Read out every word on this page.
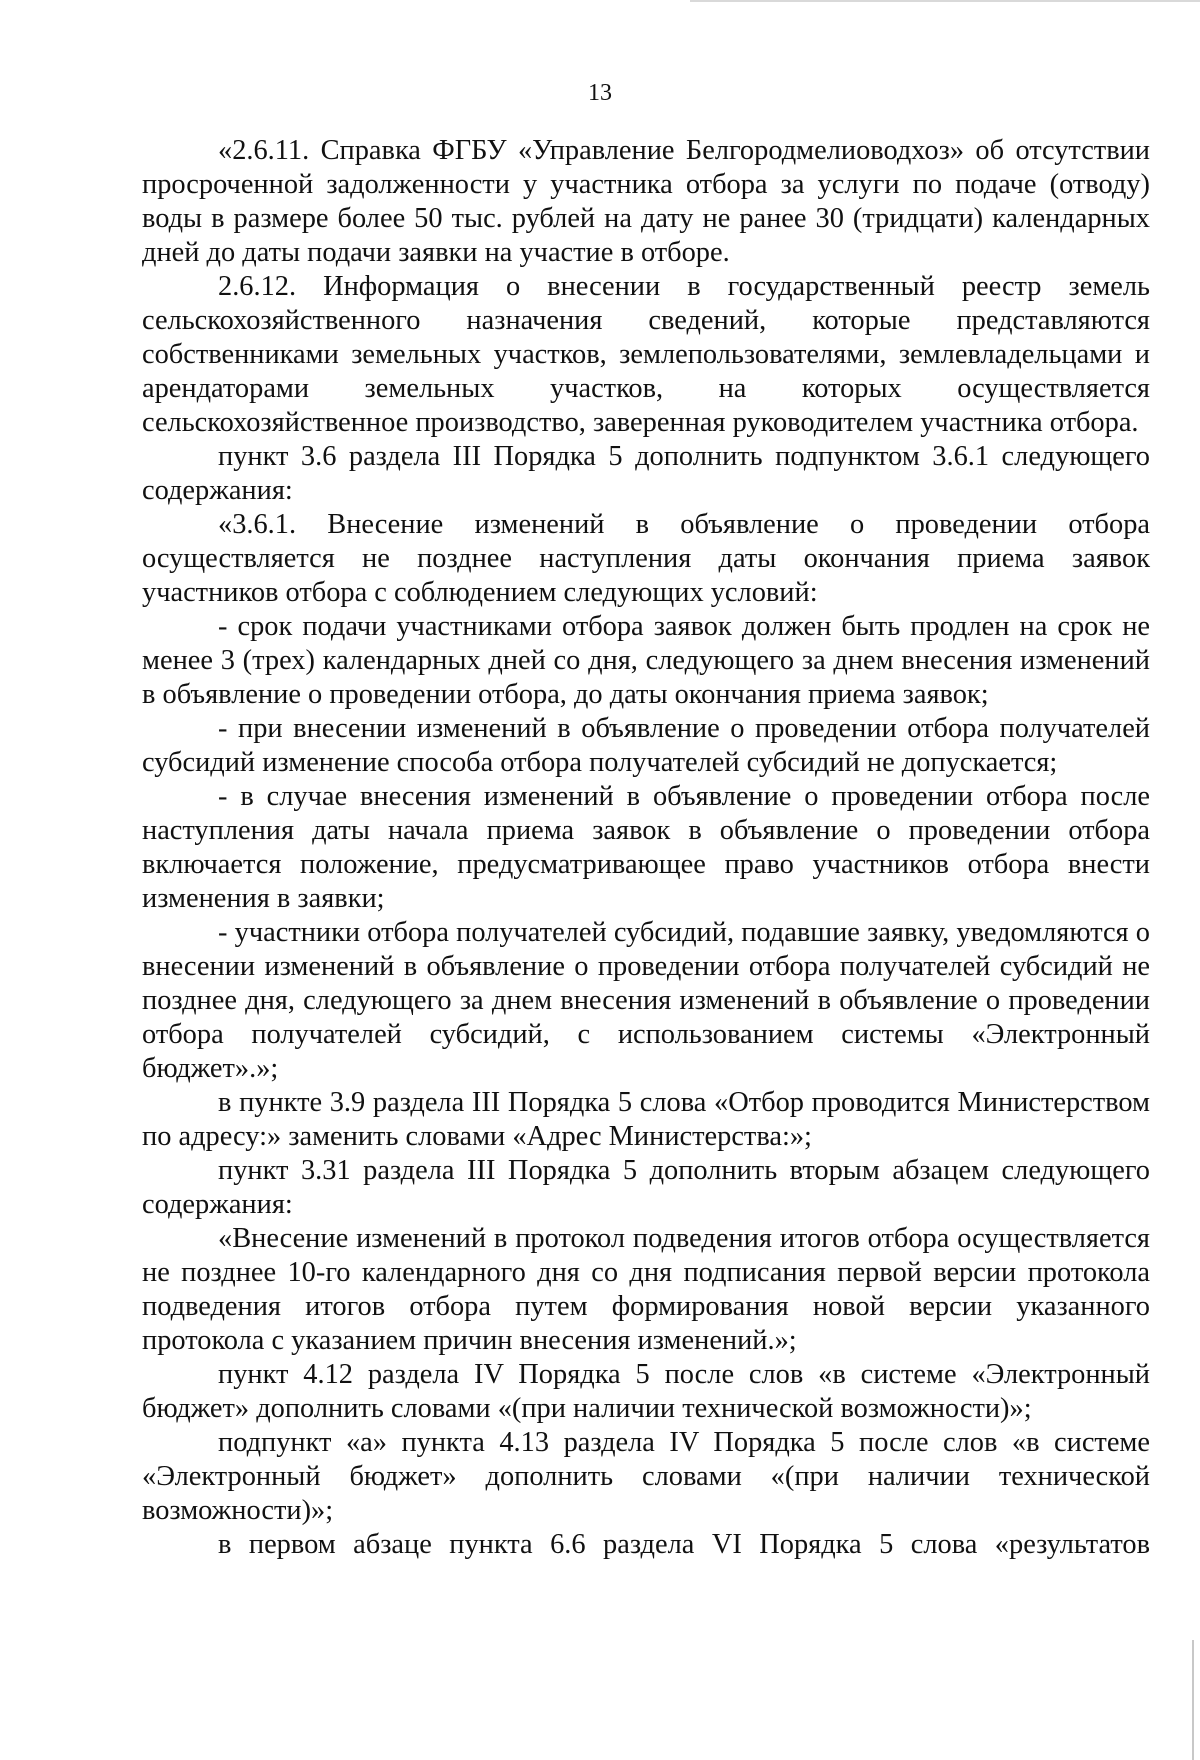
13

«2.6.11. Справка ФГБУ «Управление Белгородмелиоводхоз» об отсутствии просроченной задолженности у участника отбора за услуги по подаче (отводу) воды в размере более 50 тыс. рублей на дату не ранее 30 (тридцати) календарных дней до даты подачи заявки на участие в отборе.

2.6.12. Информация о внесении в государственный реестр земель сельскохозяйственного назначения сведений, которые представляются собственниками земельных участков, землепользователями, землевладельцами и арендаторами земельных участков, на которых осуществляется сельскохозяйственное производство, заверенная руководителем участника отбора.

пункт 3.6 раздела III Порядка 5 дополнить подпунктом 3.6.1 следующего содержания:

«3.6.1. Внесение изменений в объявление о проведении отбора осуществляется не позднее наступления даты окончания приема заявок участников отбора с соблюдением следующих условий:

- срок подачи участниками отбора заявок должен быть продлен на срок не менее 3 (трех) календарных дней со дня, следующего за днем внесения изменений в объявление о проведении отбора, до даты окончания приема заявок;

- при внесении изменений в объявление о проведении отбора получателей субсидий изменение способа отбора получателей субсидий не допускается;

- в случае внесения изменений в объявление о проведении отбора после наступления даты начала приема заявок в объявление о проведении отбора включается положение, предусматривающее право участников отбора внести изменения в заявки;

- участники отбора получателей субсидий, подавшие заявку, уведомляются о внесении изменений в объявление о проведении отбора получателей субсидий не позднее дня, следующего за днем внесения изменений в объявление о проведении отбора получателей субсидий, с использованием системы «Электронный бюджет».»;

в пункте 3.9 раздела III Порядка 5 слова «Отбор проводится Министерством по адресу:» заменить словами «Адрес Министерства:»;

пункт 3.31 раздела III Порядка 5 дополнить вторым абзацем следующего содержания:

«Внесение изменений в протокол подведения итогов отбора осуществляется не позднее 10-го календарного дня со дня подписания первой версии протокола подведения итогов отбора путем формирования новой версии указанного протокола с указанием причин внесения изменений.»;

пункт 4.12 раздела IV Порядка 5 после слов «в системе «Электронный бюджет» дополнить словами «(при наличии технической возможности)»;

подпункт «а» пункта 4.13 раздела IV Порядка 5 после слов «в системе «Электронный бюджет» дополнить словами «(при наличии технической возможности)»;

в первом абзаце пункта 6.6 раздела VI Порядка 5 слова «результатов
